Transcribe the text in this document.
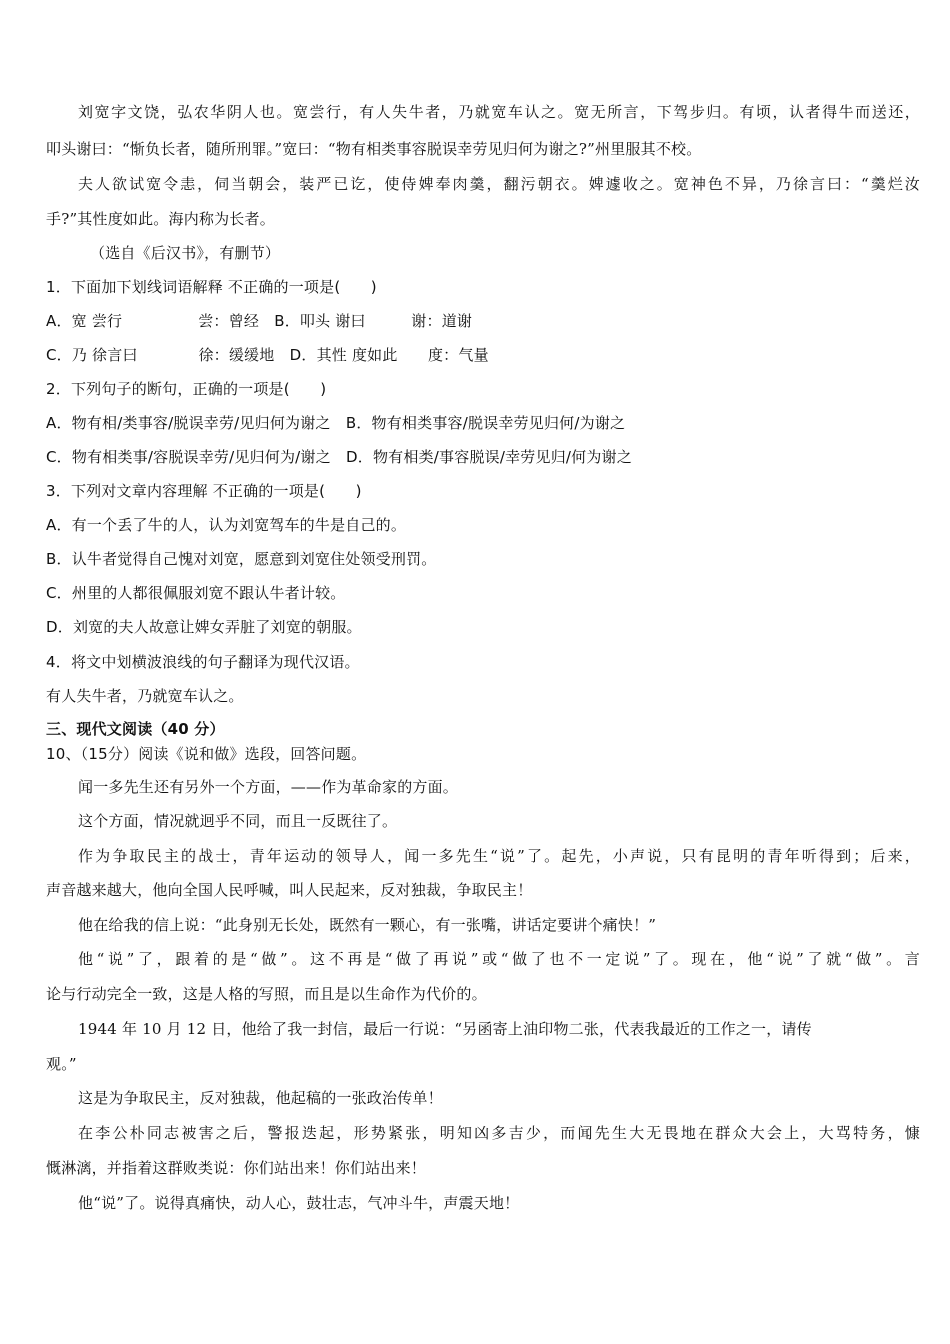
刘宽字文饶，弘农华阴人也。宽尝行，有人失牛者，乃就宽车认之。宽无所言，下驾步归。有顷，认者得牛而送还，
叩头谢曰：“惭负长者，随所刑罪。”宽曰：“物有相类事容脱误幸劳见归何为谢之?”州里服其不校。
夫人欲试宽令恚，伺当朝会，装严已讫，使侍婢奉肉羹，翻污朝衣。婢遽收之。宽神色不异，乃徐言曰：“羹烂汝
手?”其性度如此。海内称为长者。
（选自《后汉书》，有删节）
1．下面加下划线词语解释 不正确的一项是(　　)
A．宽 尝行　　　　　尝：曾经　B．叩头 谢曰　　　谢：道谢
C．乃 徐言曰　　　　徐：缓缓地　D．其性 度如此　　度：气量
2．下列句子的断句，正确的一项是(　　)
A．物有相/类事容/脱误幸劳/见归何为谢之　B．物有相类事容/脱误幸劳见归何/为谢之
C．物有相类事/容脱误幸劳/见归何为/谢之　D．物有相类/事容脱误/幸劳见归/何为谢之
3．下列对文章内容理解 不正确的一项是(　　)
A．有一个丢了牛的人，认为刘宽驾车的牛是自己的。
B．认牛者觉得自己愧对刘宽，愿意到刘宽住处领受刑罚。
C．州里的人都很佩服刘宽不跟认牛者计较。
D．刘宽的夫人故意让婢女弄脏了刘宽的朝服。
4．将文中划横波浪线的句子翻译为现代汉语。
有人失牛者，乃就宽车认之。
三、现代文阅读（40 分）
10、（15分）阅读《说和做》选段，回答问题。
闻一多先生还有另外一个方面，——作为革命家的方面。
这个方面，情况就迥乎不同，而且一反既往了。
作为争取民主的战士，青年运动的领导人，闻一多先生“说”了。起先，小声说，只有昆明的青年听得到；后来，
声音越来越大，他向全国人民呼喊，叫人民起来，反对独裁，争取民主！
他在给我的信上说：“此身别无长处，既然有一颗心，有一张嘴，讲话定要讲个痛快！”
他“说”了，跟着的是“做”。这不再是“做了再说”或“做了也不一定说”了。现在，他“说”了就“做”。言
论与行动完全一致，这是人格的写照，而且是以生命作为代价的。
1944 年 10 月 12 日，他给了我一封信，最后一行说：“另函寄上油印物二张，代表我最近的工作之一，请传
观。”
这是为争取民主，反对独裁，他起稿的一张政治传单！
在李公朴同志被害之后，警报迭起，形势紧张，明知凶多吉少，而闻先生大无畏地在群众大会上，大骂特务，慷
慨淋漓，并指着这群败类说：你们站出来！你们站出来！
他“说”了。说得真痛快，动人心，鼓壮志，气冲斗牛，声震天地！
